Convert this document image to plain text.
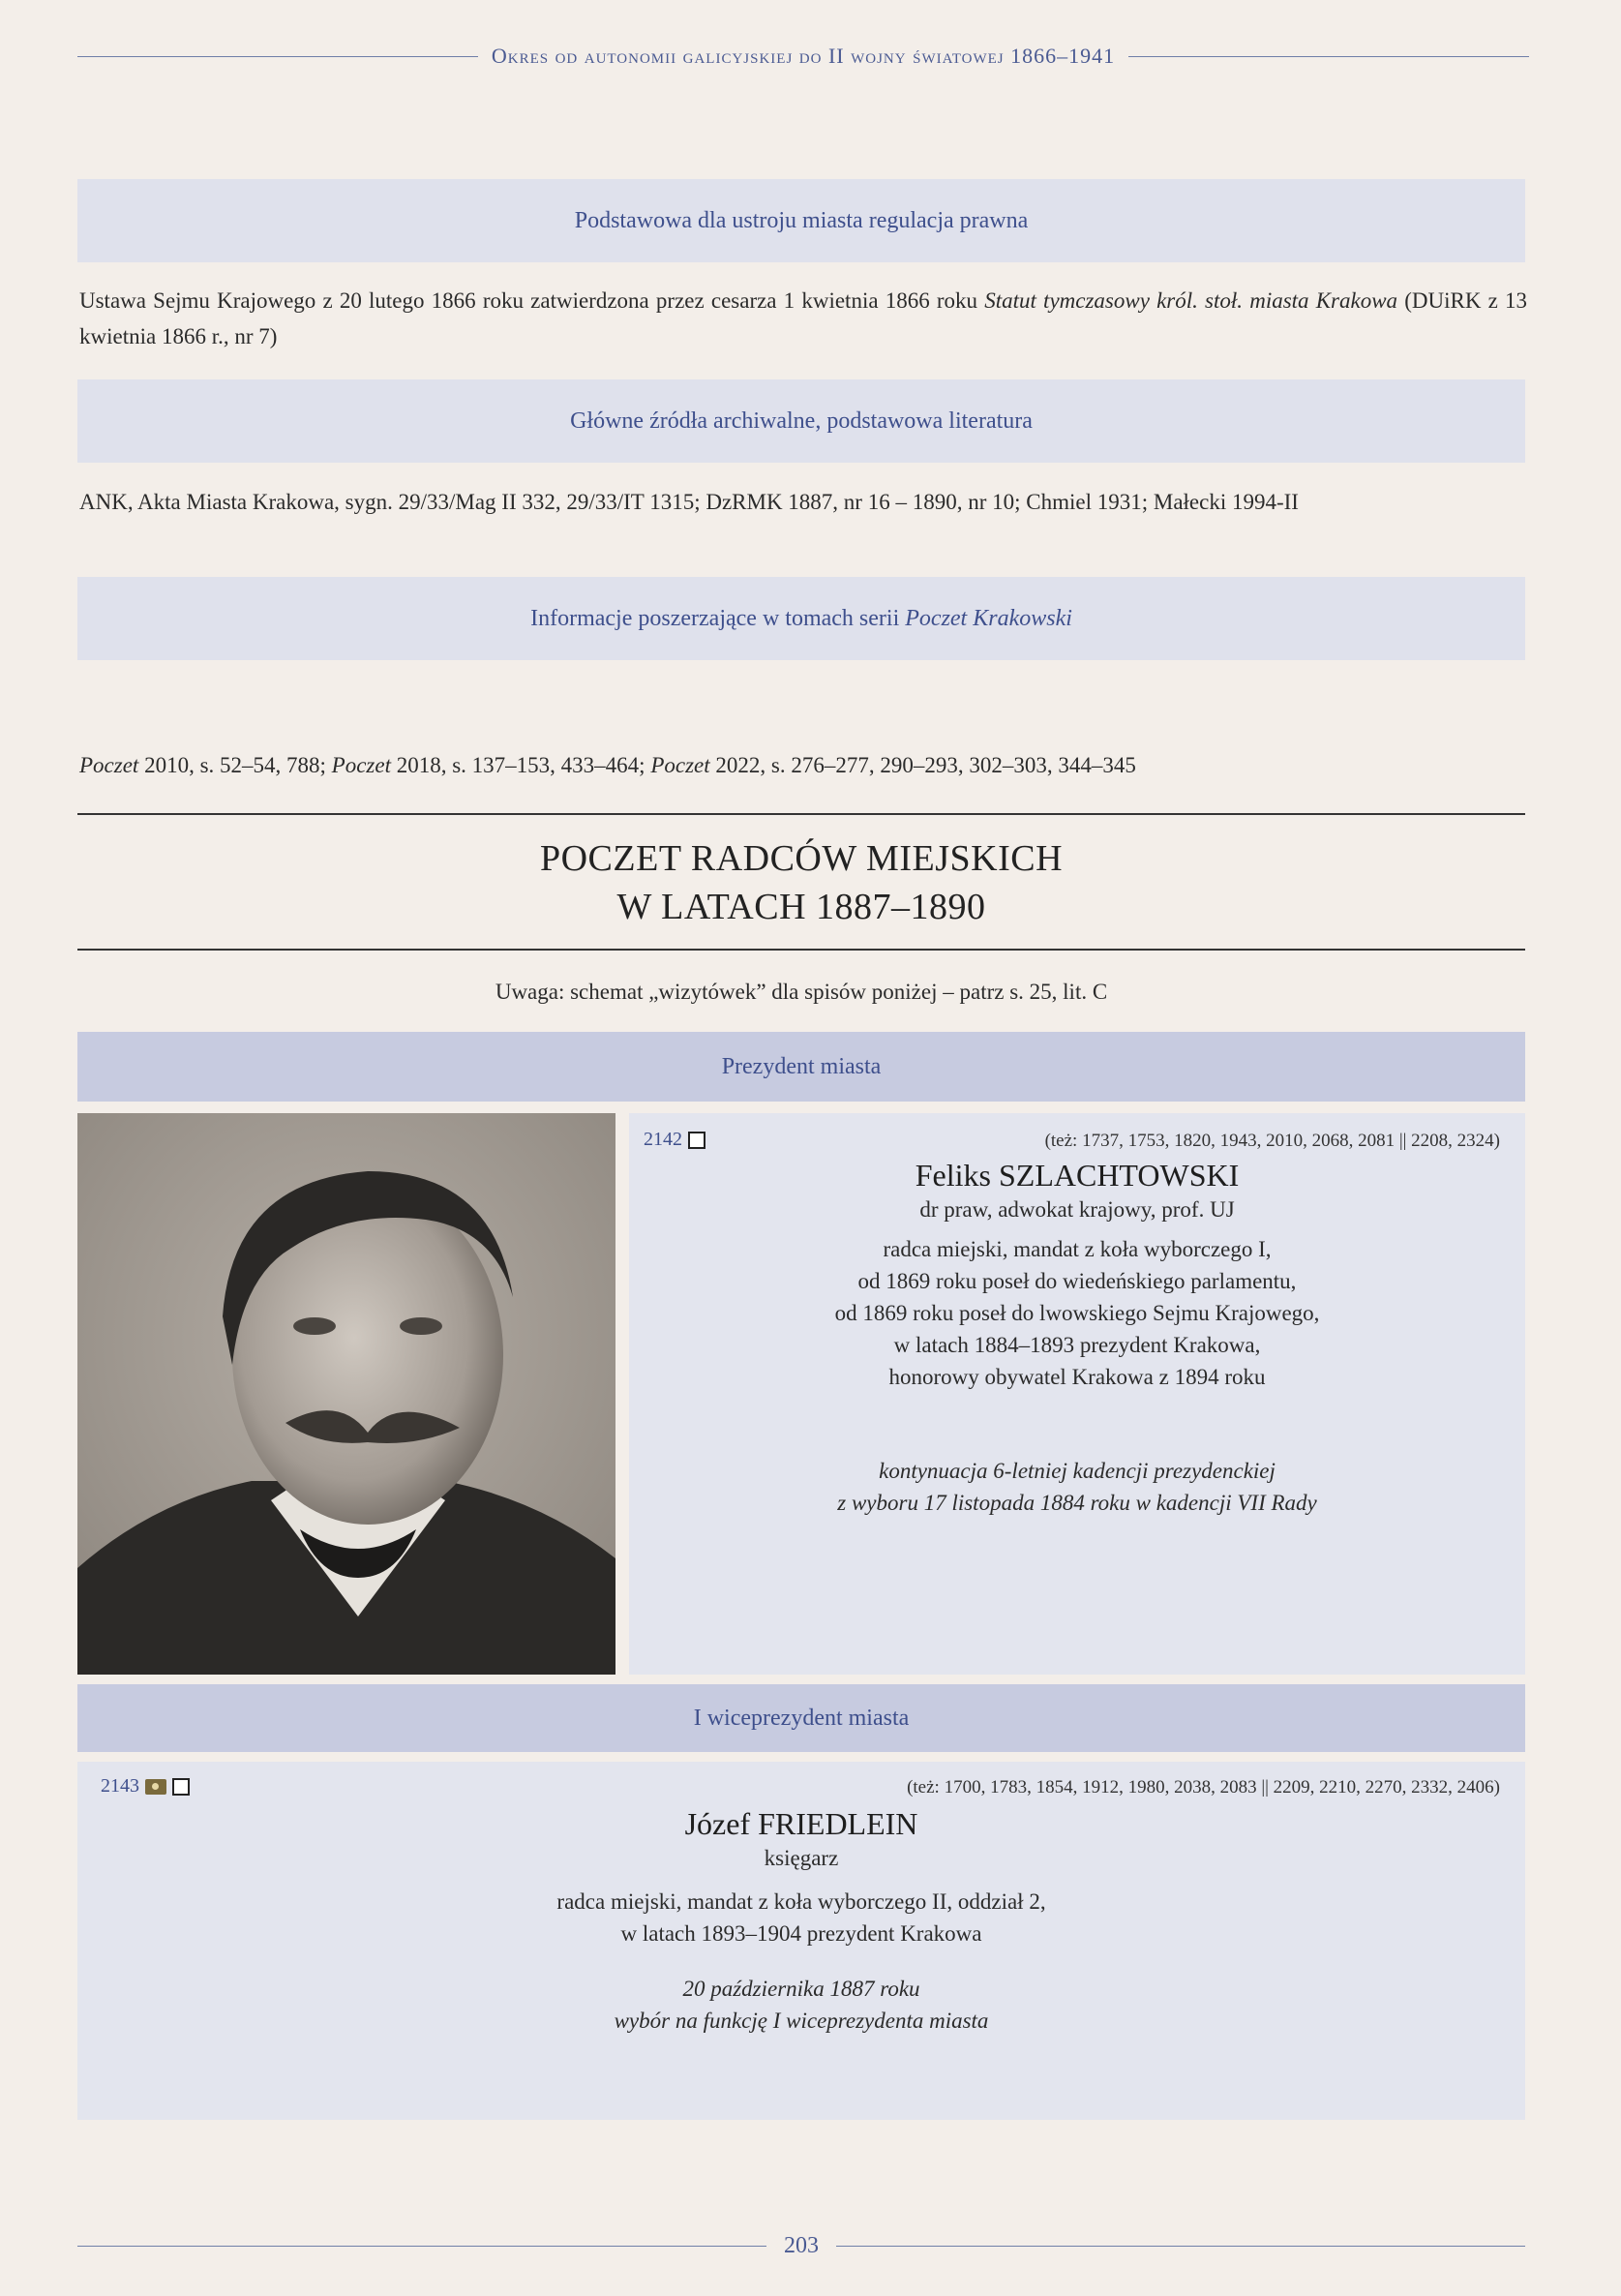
Okres od autonomii galicyjskiej do II wojny światowej 1866–1941
Podstawowa dla ustroju miasta regulacja prawna
Ustawa Sejmu Krajowego z 20 lutego 1866 roku zatwierdzona przez cesarza 1 kwietnia 1866 roku Statut tymczasowy król. stoł. miasta Krakowa (DUiRK z 13 kwietnia 1866 r., nr 7)
Główne źródła archiwalne, podstawowa literatura
ANK, Akta Miasta Krakowa, sygn. 29/33/Mag II 332, 29/33/IT 1315; DzRMK 1887, nr 16 – 1890, nr 10; Chmiel 1931; Małecki 1994-II
Informacje poszerzające w tomach serii Poczet Krakowski
Poczet 2010, s. 52–54, 788; Poczet 2018, s. 137–153, 433–464; Poczet 2022, s. 276–277, 290–293, 302–303, 344–345
POCZET RADCÓW MIEJSKICH
W LATACH 1887–1890
Uwaga: schemat „wizytówek” dla spisów poniżej – patrz s. 25, lit. C
Prezydent miasta
2142	(też: 1737, 1753, 1820, 1943, 2010, 2068, 2081 || 2208, 2324)
Feliks SZLACHTOWSKI
dr praw, adwokat krajowy, prof. UJ
radca miejski, mandat z koła wyborczego I,
od 1869 roku poseł do wiedeńskiego parlamentu,
od 1869 roku poseł do lwowskiego Sejmu Krajowego,
w latach 1884–1893 prezydent Krakowa,
honorowy obywatel Krakowa z 1894 roku
kontynuacja 6-letniej kadencji prezydenckiej
z wyboru 17 listopada 1884 roku w kadencji VII Rady
I wiceprezydent miasta
2143	(też: 1700, 1783, 1854, 1912, 1980, 2038, 2083 || 2209, 2210, 2270, 2332, 2406)
Józef FRIEDLEIN
księgarz
radca miejski, mandat z koła wyborczego II, oddział 2,
w latach 1893–1904 prezydent Krakowa
20 października 1887 roku
wybór na funkcję I wiceprezydenta miasta
203
